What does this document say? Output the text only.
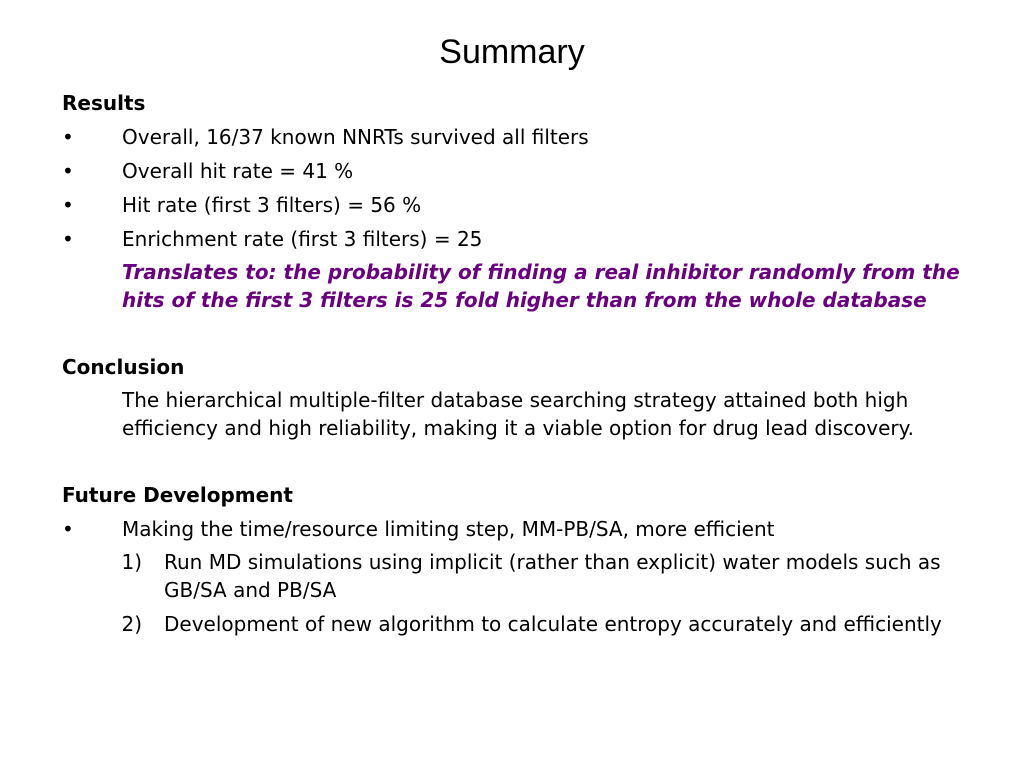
Summary
Results
•	Overall, 16/37 known NNRTs survived all filters
•	Overall hit rate = 41 %
•	Hit rate (first 3 filters) = 56 %
•	Enrichment rate (first 3 filters) = 25
Translates to: the probability of finding a real inhibitor randomly from the hits of the first 3 filters is 25 fold higher than from the whole database
Conclusion
The hierarchical multiple-filter database searching strategy attained both high efficiency and high reliability, making it a viable option for drug lead discovery.
Future Development
•	Making the time/resource limiting step, MM-PB/SA, more efficient
1) Run MD simulations using implicit (rather than explicit) water models such as GB/SA and PB/SA
2) Development of new algorithm to calculate entropy accurately and efficiently
